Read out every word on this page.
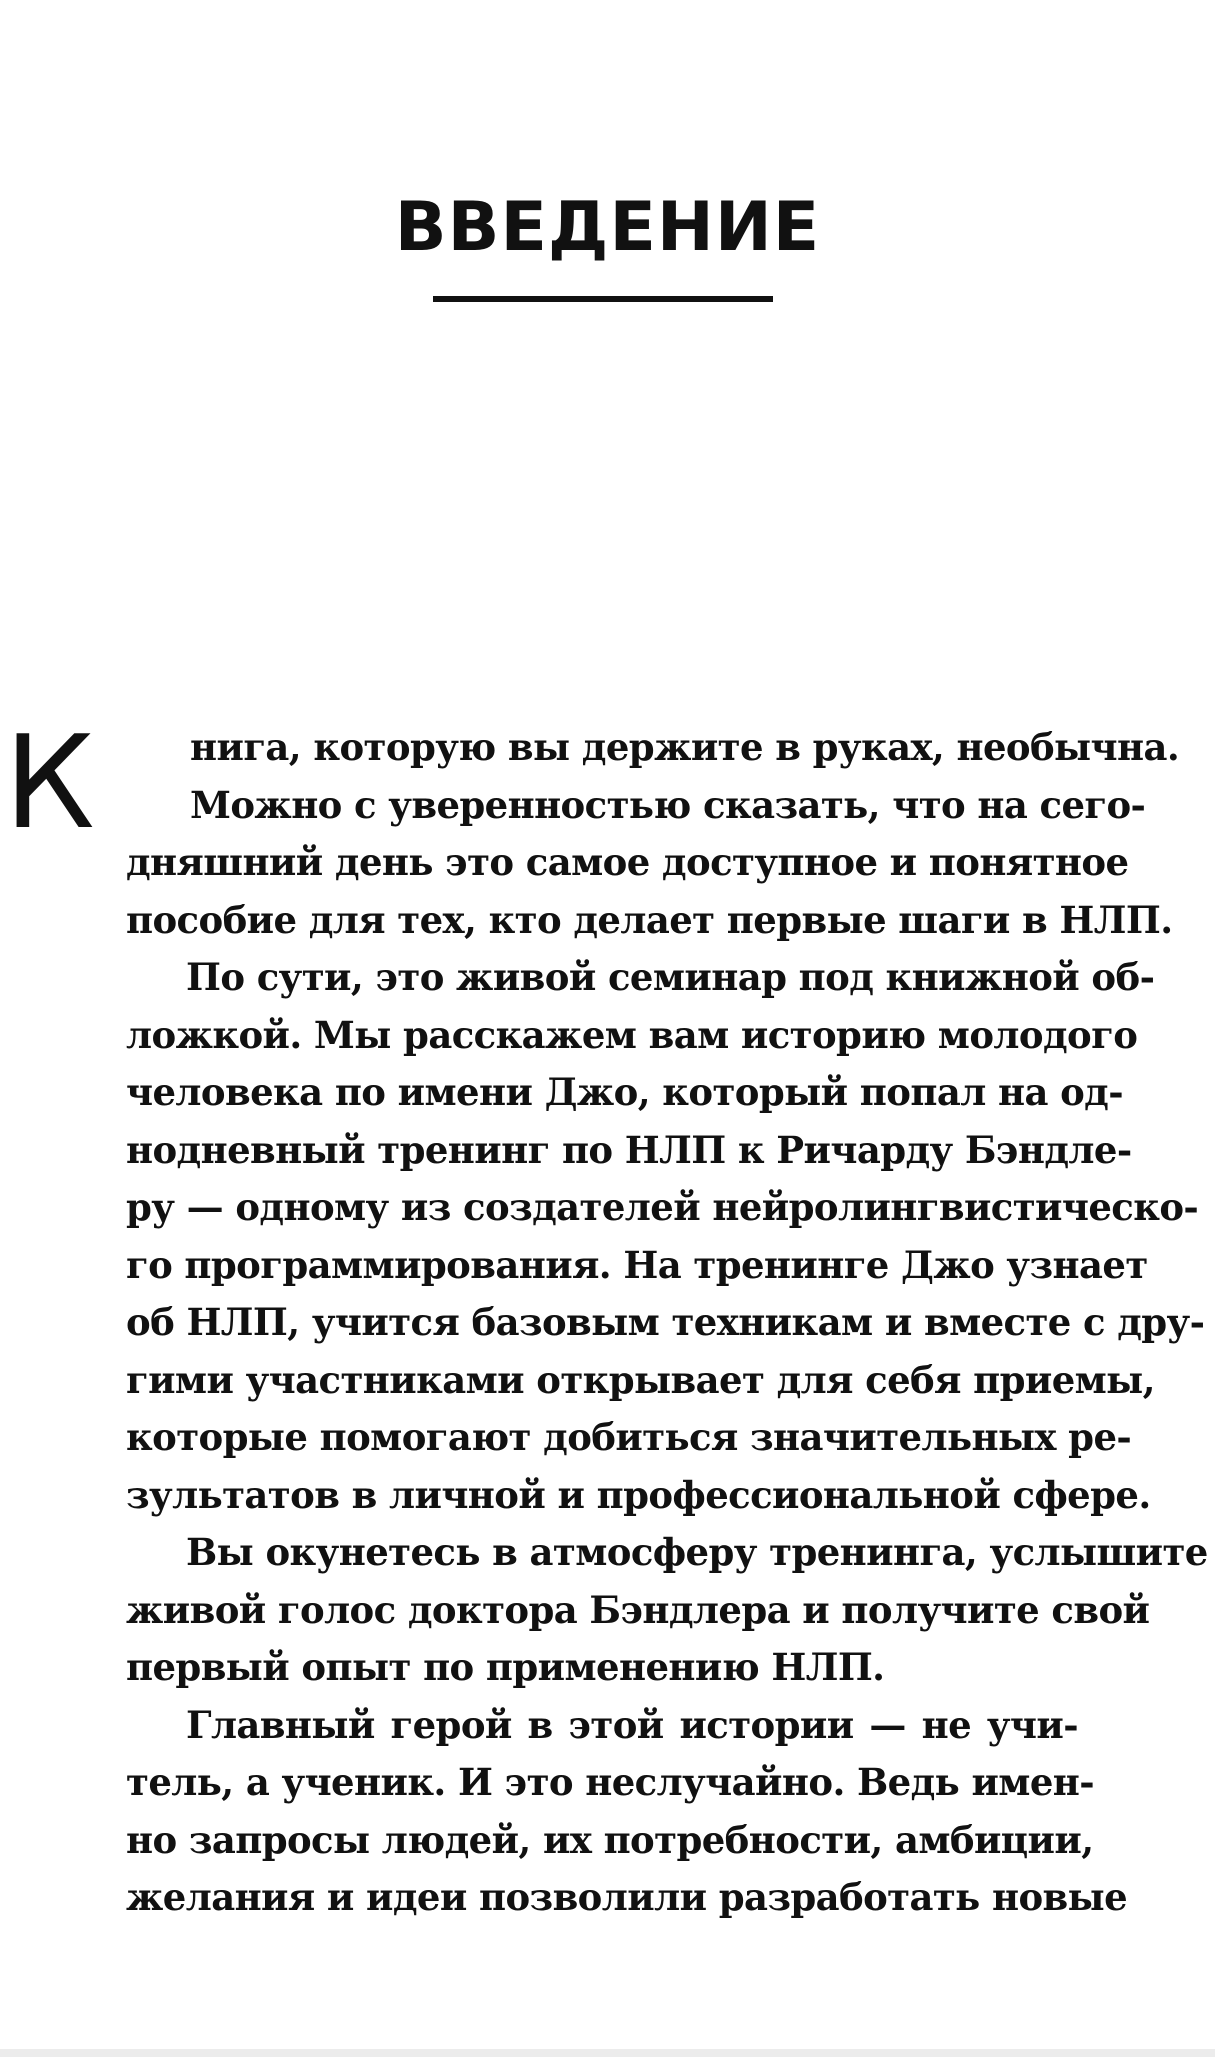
ВВЕДЕНИЕ
К	нига, которую вы держите в руках, необычна.
Можно с уверенностью сказать, что на сего-
дняшний день это самое доступное и понятное
пособие для тех, кто делает первые шаги в НЛП.
По сути, это живой семинар под книжной об-
ложкой. Мы расскажем вам историю молодого
человека по имени Джо, который попал на од-
нодневный тренинг по НЛП к Ричарду Бэндле-
ру — одному из создателей нейролингвистическо-
го программирования. На тренинге Джо узнает
об НЛП, учится базовым техникам и вместе с дру-
гими участниками открывает для себя приемы,
которые помогают добиться значительных ре-
зультатов в личной и профессиональной сфере.
Вы окунетесь в атмосферу тренинга, услышите
живой голос доктора Бэндлера и получите свой
первый опыт по применению НЛП.
Главный герой в этой истории — не учи-
тель, а ученик. И это неслучайно. Ведь имен-
но запросы людей, их потребности, амбиции,
желания и идеи позволили разработать новые
